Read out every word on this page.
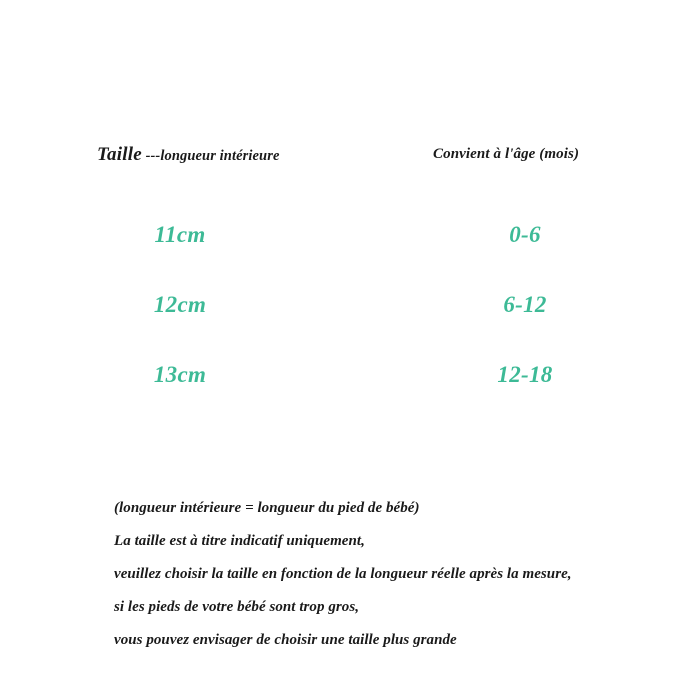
Taille ---longueur intérieure	Convient à l'âge (mois)
11cm	0-6
12cm	6-12
13cm	12-18
(longueur intérieure = longueur du pied de bébé)
La taille est à titre indicatif uniquement,
veuillez choisir la taille en fonction de la longueur réelle après la mesure,
si les pieds de votre bébé sont trop gros,
vous pouvez envisager de choisir une taille plus grande
